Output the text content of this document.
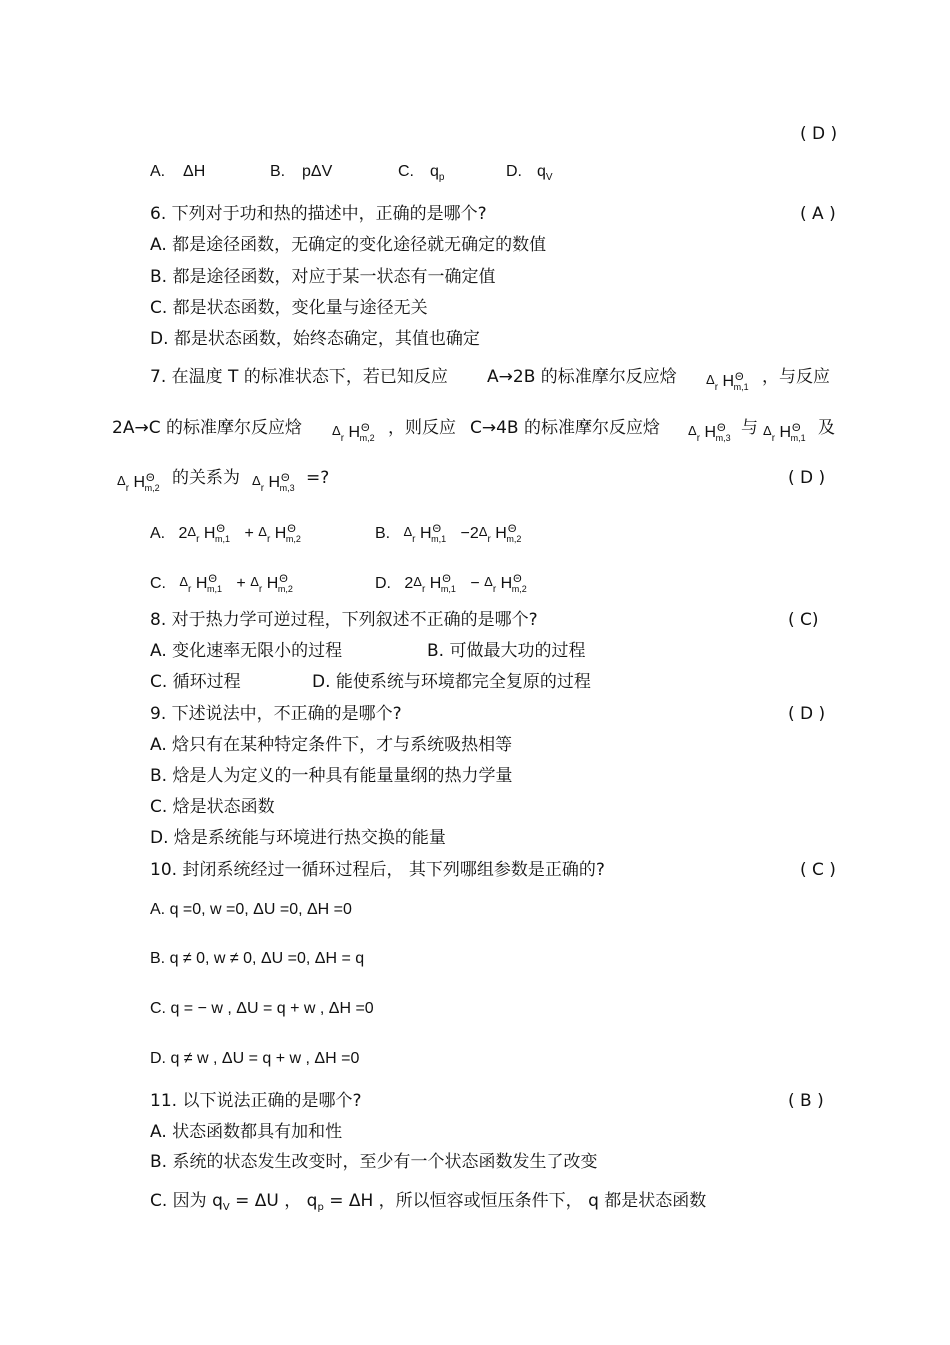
( D )
A. ΔH	B. pΔV	C. $q_p$	D. $q_V$
6. 下列对于功和热的描述中，正确的是哪个?	( A )
A. 都是途径函数，无确定的变化途径就无确定的数值
B. 都是途径函数，对应于某一状态有一确定值
C. 都是状态函数，变化量与途径无关
D. 都是状态函数，始终态确定，其值也确定
7. 在温度 T 的标准状态下，若已知反应 A→2B 的标准摩尔反应焓 $\Delta_r$ $H\Theta_{m,1}$ ，与反应
2A→C 的标准摩尔反应焓 $\Delta_r$ $H\Theta_{m,2}$ ，则反应 C→4B 的标准摩尔反应焓 $\Delta_r$ $H\Theta_{m,3}$ 与 $\Delta_r$ $H\Theta_{m,1}$ 及
$\Delta_r$ $H\Theta_{m,2}$ 的关系为 $\Delta_r$ $H\Theta_{m,3}$ =?	( D )
A. $2\Delta_r$ $H\Theta_{m,1} + \Delta_r$ $H\Theta_{m,2}$	B. $\Delta_r$ $H\Theta_{m,1} -2\Delta_r$ $H\Theta_{m,2}$
C. $\Delta_r$ $H\Theta_{m,1} + \Delta_r$ $H\Theta_{m,2}$	D. $2\Delta_r$ $H\Theta_{m,1} - \Delta_r$ $H\Theta_{m,2}$
8. 对于热力学可逆过程，下列叙述不正确的是哪个?	( C)
A. 变化速率无限小的过程	B. 可做最大功的过程
C. 循环过程	D. 能使系统与环境都完全复原的过程
9. 下述说法中，不正确的是哪个?	( D )
A. 焓只有在某种特定条件下，才与系统吸热相等
B. 焓是人为定义的一种具有能量量纲的热力学量
C. 焓是状态函数
D. 焓是系统能与环境进行热交换的能量
10. 封闭系统经过一循环过程后， 其下列哪组参数是正确的?	( C )
A. q =0, w =0, ΔU =0, ΔH =0
B. q ≠ 0, w ≠ 0, ΔU =0, ΔH = q
C. q = − w , ΔU = q + w , ΔH =0
D. q ≠ w , ΔU = q + w , ΔH =0
11. 以下说法正确的是哪个?	( B )
A. 状态函数都具有加和性
B. 系统的状态发生改变时，至少有一个状态函数发生了改变
C. 因为 $q_V = \Delta U$ ， $q_p = \Delta H$ ，所以恒容或恒压条件下， q 都是状态函数
